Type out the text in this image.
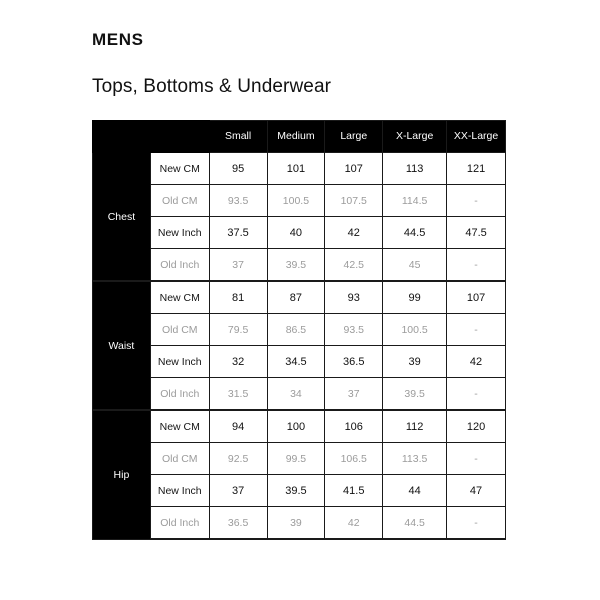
MENS
Tops, Bottoms & Underwear
		Small	Medium	Large	X-Large	XX-Large
Chest	New CM	95	101	107	113	121
	Old CM	93.5	100.5	107.5	114.5	-
	New Inch	37.5	40	42	44.5	47.5
	Old Inch	37	39.5	42.5	45	-
Waist	New CM	81	87	93	99	107
	Old CM	79.5	86.5	93.5	100.5	-
	New Inch	32	34.5	36.5	39	42
	Old Inch	31.5	34	37	39.5	-
Hip	New CM	94	100	106	112	120
	Old CM	92.5	99.5	106.5	113.5	-
	New Inch	37	39.5	41.5	44	47
	Old Inch	36.5	39	42	44.5	-
